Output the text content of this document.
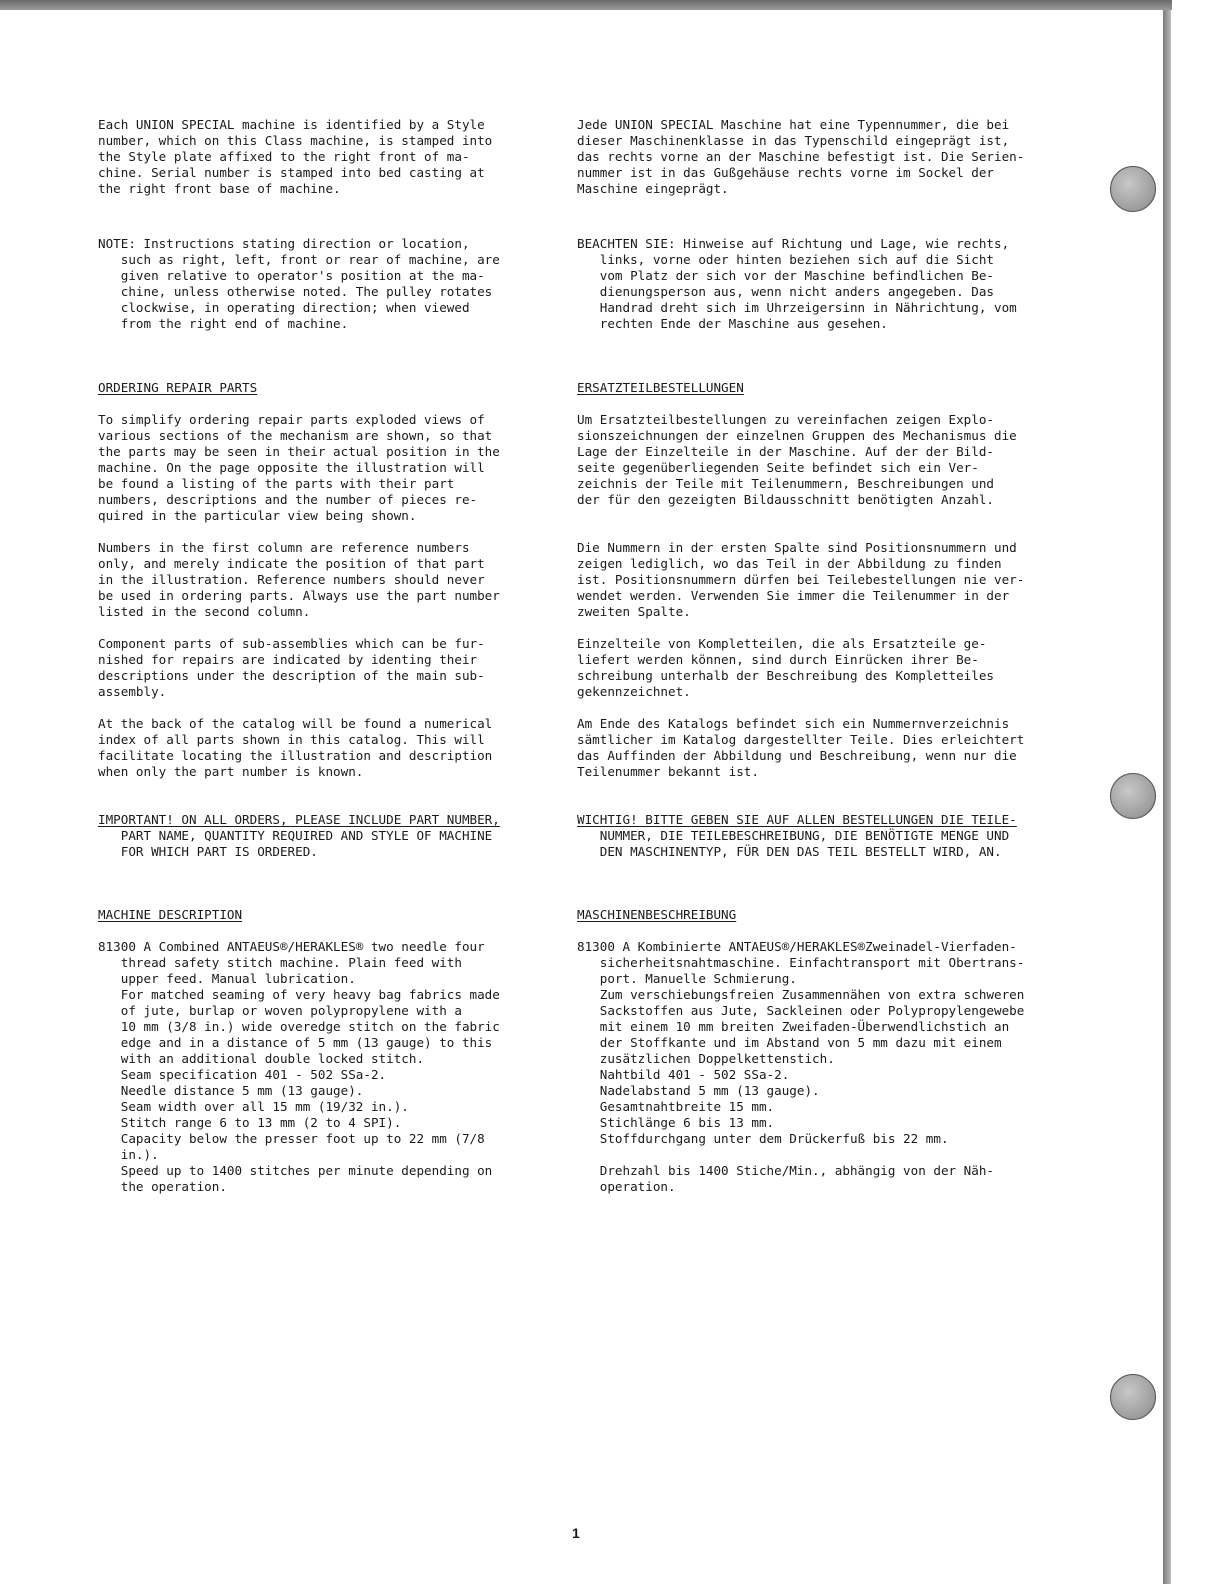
Each UNION SPECIAL machine is identified by a Style
number, which on this Class machine, is stamped into
the Style plate affixed to the right front of ma-
chine. Serial number is stamped into bed casting at
the right front base of machine.
NOTE: Instructions stating direction or location,
such as right, left, front or rear of machine, are
given relative to operator's position at the ma-
chine, unless otherwise noted. The pulley rotates
clockwise, in operating direction; when viewed
from the right end of machine.
ORDERING REPAIR PARTS
To simplify ordering repair parts exploded views of
various sections of the mechanism are shown, so that
the parts may be seen in their actual position in the
machine. On the page opposite the illustration will
be found a listing of the parts with their part
numbers, descriptions and the number of pieces re-
quired in the particular view being shown.
Numbers in the first column are reference numbers
only, and merely indicate the position of that part
in the illustration. Reference numbers should never
be used in ordering parts. Always use the part number
listed in the second column.
Component parts of sub-assemblies which can be fur-
nished for repairs are indicated by identing their
descriptions under the description of the main sub-
assembly.
At the back of the catalog will be found a numerical
index of all parts shown in this catalog. This will
facilitate locating the illustration and description
when only the part number is known.
IMPORTANT! ON ALL ORDERS, PLEASE INCLUDE PART NUMBER,
PART NAME, QUANTITY REQUIRED AND STYLE OF MACHINE
FOR WHICH PART IS ORDERED.
MACHINE DESCRIPTION
81300 A Combined ANTAEUS®/HERAKLES® two needle four
thread safety stitch machine. Plain feed with
upper feed. Manual lubrication.
For matched seaming of very heavy bag fabrics made
of jute, burlap or woven polypropylene with a
10 mm (3/8 in.) wide overedge stitch on the fabric
edge and in a distance of 5 mm (13 gauge) to this
with an additional double locked stitch.
Seam specification 401 - 502 SSa-2.
Needle distance 5 mm (13 gauge).
Seam width over all 15 mm (19/32 in.).
Stitch range 6 to 13 mm (2 to 4 SPI).
Capacity below the presser foot up to 22 mm (7/8
in.).
Speed up to 1400 stitches per minute depending on
the operation.
Jede UNION SPECIAL Maschine hat eine Typennummer, die bei
dieser Maschinenklasse in das Typenschild eingeprägt ist,
das rechts vorne an der Maschine befestigt ist. Die Serien-
nummer ist in das Gußgehäuse rechts vorne im Sockel der
Maschine eingeprägt.
BEACHTEN SIE: Hinweise auf Richtung und Lage, wie rechts,
links, vorne oder hinten beziehen sich auf die Sicht
vom Platz der sich vor der Maschine befindlichen Be-
dienungsperson aus, wenn nicht anders angegeben. Das
Handrad dreht sich im Uhrzeigersinn in Nährichtung, vom
rechten Ende der Maschine aus gesehen.
ERSATZTEILBESTELLUNGEN
Um Ersatzteilbestellungen zu vereinfachen zeigen Explo-
sionszeichnungen der einzelnen Gruppen des Mechanismus die
Lage der Einzelteile in der Maschine. Auf der der Bild-
seite gegenüberliegenden Seite befindet sich ein Ver-
zeichnis der Teile mit Teilenummern, Beschreibungen und
der für den gezeigten Bildausschnitt benötigten Anzahl.
Die Nummern in der ersten Spalte sind Positionsnummern und
zeigen lediglich, wo das Teil in der Abbildung zu finden
ist. Positionsnummern dürfen bei Teilebestellungen nie ver-
wendet werden. Verwenden Sie immer die Teilenummer in der
zweiten Spalte.
Einzelteile von Kompletteilen, die als Ersatzteile ge-
liefert werden können, sind durch Einrücken ihrer Be-
schreibung unterhalb der Beschreibung des Kompletteiles
gekennzeichnet.
Am Ende des Katalogs befindet sich ein Nummernverzeichnis
sämtlicher im Katalog dargestellter Teile. Dies erleichtert
das Auffinden der Abbildung und Beschreibung, wenn nur die
Teilenummer bekannt ist.
WICHTIG! BITTE GEBEN SIE AUF ALLEN BESTELLUNGEN DIE TEILE-
NUMMER, DIE TEILEBESCHREIBUNG, DIE BENÖTIGTE MENGE UND
DEN MASCHINENTYP, FÜR DEN DAS TEIL BESTELLT WIRD, AN.
MASCHINENBESCHREIBUNG
81300 A Kombinierte ANTAEUS®/HERAKLES®Zweinadel-Vierfaden-
sicherheitsnahtmaschine. Einfachtransport mit Obertrans-
port. Manuelle Schmierung.
Zum verschiebungsfreien Zusammennähen von extra schweren
Sackstoffen aus Jute, Sackleinen oder Polypropylengewebe
mit einem 10 mm breiten Zweifaden-Überwendlichstich an
der Stoffkante und im Abstand von 5 mm dazu mit einem
zusätzlichen Doppelkettenstich.
Nahtbild 401 - 502 SSa-2.
Nadelabstand 5 mm (13 gauge).
Gesamtnahtbreite 15 mm.
Stichlänge 6 bis 13 mm.
Stoffdurchgang unter dem Drückerfuß bis 22 mm.

Drehzahl bis 1400 Stiche/Min., abhängig von der Näh-
operation.
1
